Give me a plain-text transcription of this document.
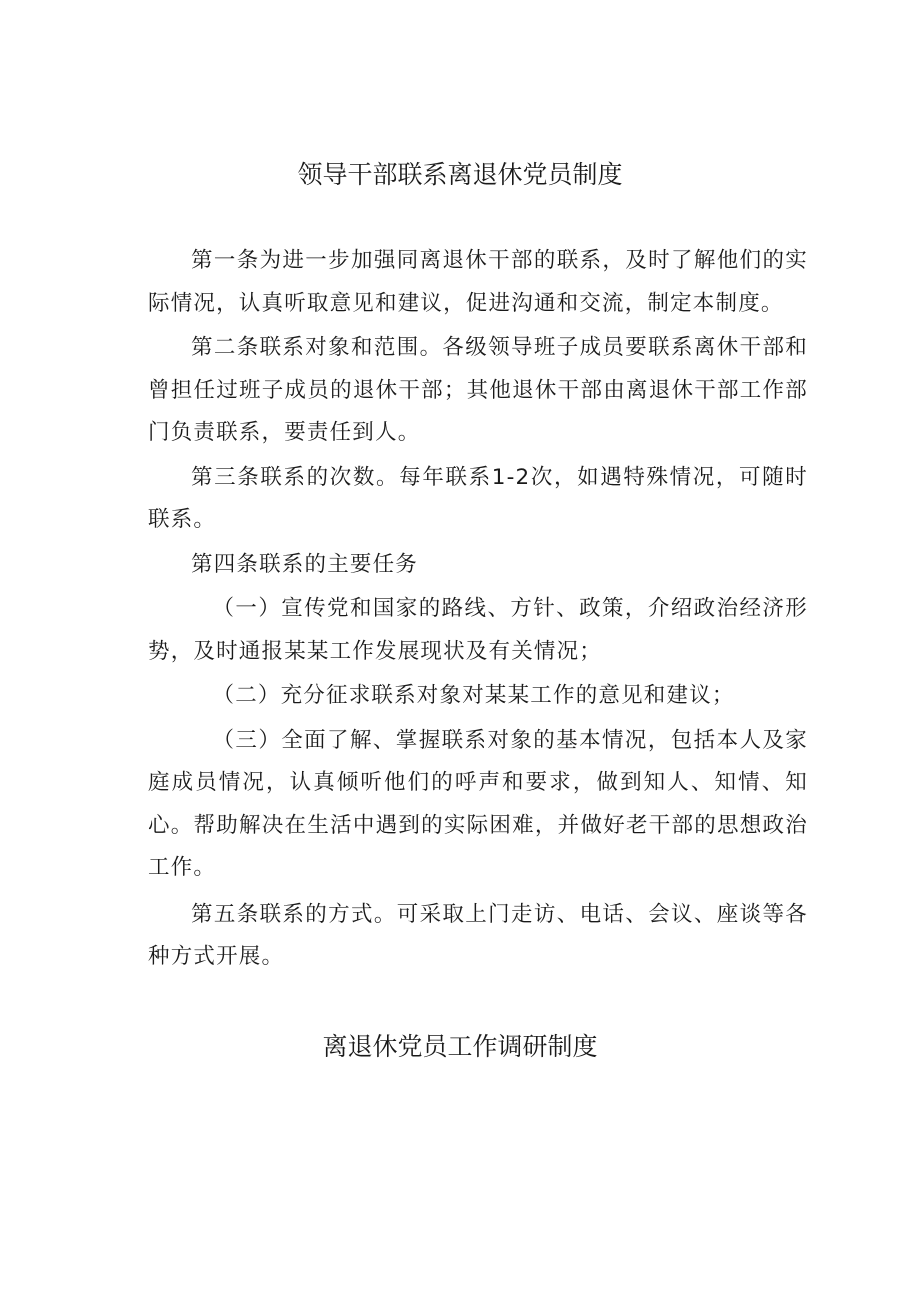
领导干部联系离退休党员制度

第一条为进一步加强同离退休干部的联系，及时了解他们的实际情况，认真听取意见和建议，促进沟通和交流，制定本制度。

第二条联系对象和范围。各级领导班子成员要联系离休干部和曾担任过班子成员的退休干部；其他退休干部由离退休干部工作部门负责联系，要责任到人。

第三条联系的次数。每年联系1-2次，如遇特殊情况，可随时联系。

第四条联系的主要任务

（一）宣传党和国家的路线、方针、政策，介绍政治经济形势，及时通报某某工作发展现状及有关情况；

（二）充分征求联系对象对某某工作的意见和建议；

（三）全面了解、掌握联系对象的基本情况，包括本人及家庭成员情况，认真倾听他们的呼声和要求，做到知人、知情、知心。帮助解决在生活中遇到的实际困难，并做好老干部的思想政治工作。

第五条联系的方式。可采取上门走访、电话、会议、座谈等各种方式开展。

离退休党员工作调研制度
